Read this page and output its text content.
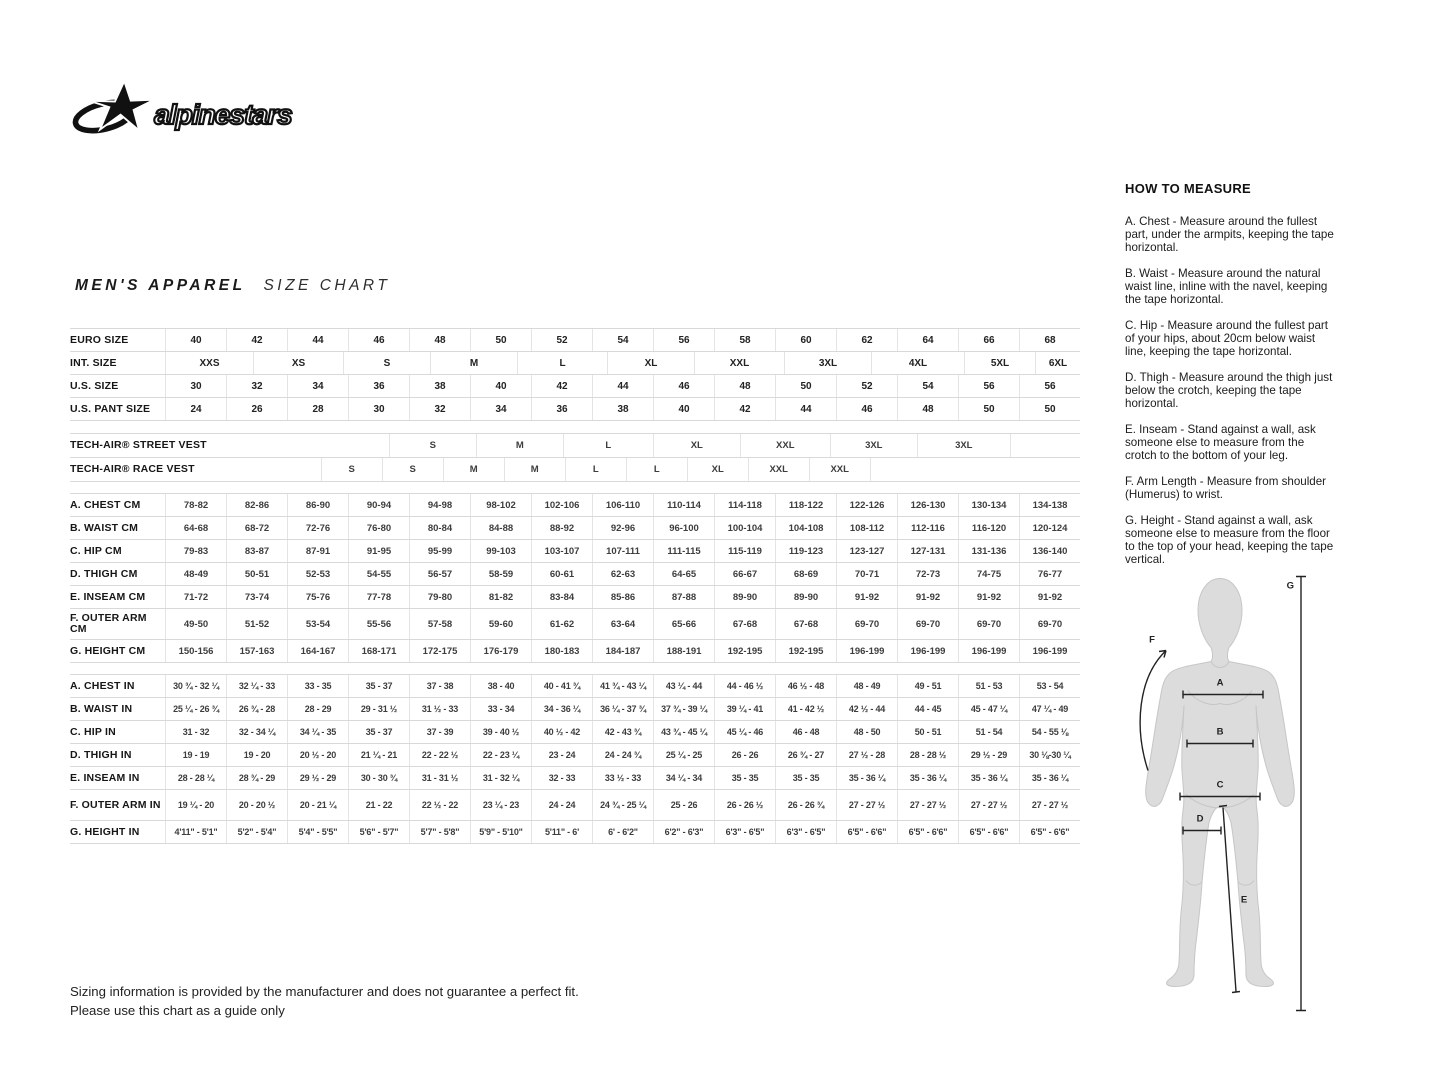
alpinestars
MEN'S APPAREL SIZE CHART
EURO SIZE	40	42	44	46	48	50	52	54	56	58	60	62	64	66	68
INT. SIZE	XXS	XS	S	M	L	XL	XXL	3XL	4XL	5XL	6XL
U.S. SIZE	30	32	34	36	38	40	42	44	46	48	50	52	54	56	56
U.S. PANT SIZE	24	26	28	30	32	34	36	38	40	42	44	46	48	50	50
TECH-AIR® STREET VEST	S	M	L	XL	XXL	3XL	3XL
TECH-AIR® RACE VEST	S	S	M	M	L	L	XL	XXL	XXL
A. CHEST CM	78-82	82-86	86-90	90-94	94-98	98-102	102-106	106-110	110-114	114-118	118-122	122-126	126-130	130-134	134-138
B. WAIST CM	64-68	68-72	72-76	76-80	80-84	84-88	88-92	92-96	96-100	100-104	104-108	108-112	112-116	116-120	120-124
C. HIP CM	79-83	83-87	87-91	91-95	95-99	99-103	103-107	107-111	111-115	115-119	119-123	123-127	127-131	131-136	136-140
D. THIGH CM	48-49	50-51	52-53	54-55	56-57	58-59	60-61	62-63	64-65	66-67	68-69	70-71	72-73	74-75	76-77
E. INSEAM CM	71-72	73-74	75-76	77-78	79-80	81-82	83-84	85-86	87-88	89-90	89-90	91-92	91-92	91-92	91-92
F. OUTER ARM CM	49-50	51-52	53-54	55-56	57-58	59-60	61-62	63-64	65-66	67-68	67-68	69-70	69-70	69-70	69-70
G. HEIGHT CM	150-156	157-163	164-167	168-171	172-175	176-179	180-183	184-187	188-191	192-195	192-195	196-199	196-199	196-199	196-199
A. CHEST IN	30 ¾ - 32 ¼	32 ¼ - 33	33 - 35	35 - 37	37 - 38	38 - 40	40 - 41 ¾	41 ¾ - 43 ¼	43 ¼ - 44	44 - 46 ½	46 ½ - 48	48 - 49	49 - 51	51 - 53	53 - 54
B. WAIST IN	25 ¼ - 26 ¾	26 ¾ - 28	28 - 29	29 - 31 ½	31 ½ - 33	33 - 34	34 - 36 ¼	36 ¼ - 37 ¾	37 ¾ - 39 ¼	39 ¼ - 41	41 - 42 ½	42 ½ - 44	44 - 45	45 - 47 ¼	47 ¼ - 49
C. HIP IN	31 - 32	32 - 34 ¼	34 ¼ - 35	35 - 37	37 - 39	39 - 40 ½	40 ½ - 42	42 - 43 ¾	43 ¾ - 45 ¼	45 ¼ - 46	46 - 48	48 - 50	50 - 51	51 - 54	54 - 55 ⅛
D. THIGH IN	19 - 19	19 - 20	20 ½ - 20	21 ¼ - 21	22 - 22 ½	22 - 23 ¼	23 - 24	24 - 24 ¾	25 ¼ - 25	26 - 26	26 ¾ - 27	27 ½ - 28	28 - 28 ½	29 ½ - 29	30 ⅛-30 ¼
E. INSEAM IN	28 - 28 ¼	28 ¾ - 29	29 ½ - 29	30 - 30 ¾	31 - 31 ½	31 - 32 ¼	32 - 33	33 ½ - 33	34 ¼ - 34	35 - 35	35 - 35	35 - 36 ¼	35 - 36 ¼	35 - 36 ¼	35 - 36 ¼
F. OUTER ARM IN	19 ¼ - 20	20 - 20 ½	20 - 21 ¼	21 - 22	22 ½ - 22	23 ¼ - 23	24 - 24	24 ¾ - 25 ¼	25 - 26	26 - 26 ½	26 - 26 ¾	27 - 27 ½	27 - 27 ½	27 - 27 ½	27 - 27 ½
G. HEIGHT IN	4'11" - 5'1"	5'2" - 5'4"	5'4" - 5'5"	5'6" - 5'7"	5'7" - 5'8"	5'9" - 5'10"	5'11" - 6'	6' - 6'2"	6'2" - 6'3"	6'3" - 6'5"	6'3" - 6'5"	6'5" - 6'6"	6'5" - 6'6"	6'5" - 6'6"	6'5" - 6'6"
HOW TO MEASURE

A. Chest - Measure around the fullest part, under the armpits, keeping the tape horizontal.

B. Waist - Measure around the natural waist line, inline with the navel, keeping the tape horizontal.

C. Hip - Measure around the fullest part of your hips, about 20cm below waist line, keeping the tape horizontal.

D. Thigh - Measure around the thigh just below the crotch, keeping the tape horizontal.

E. Inseam - Stand against a wall, ask someone else to measure from the crotch to the bottom of your leg.

F. Arm Length - Measure from shoulder (Humerus) to wrist.

G. Height - Stand against a wall, ask someone else to measure from the floor to the top of your head, keeping the tape vertical.

A
B
C
D
E
F
G
Sizing information is provided by the manufacturer and does not guarantee a perfect fit.
Please use this chart as a guide only
